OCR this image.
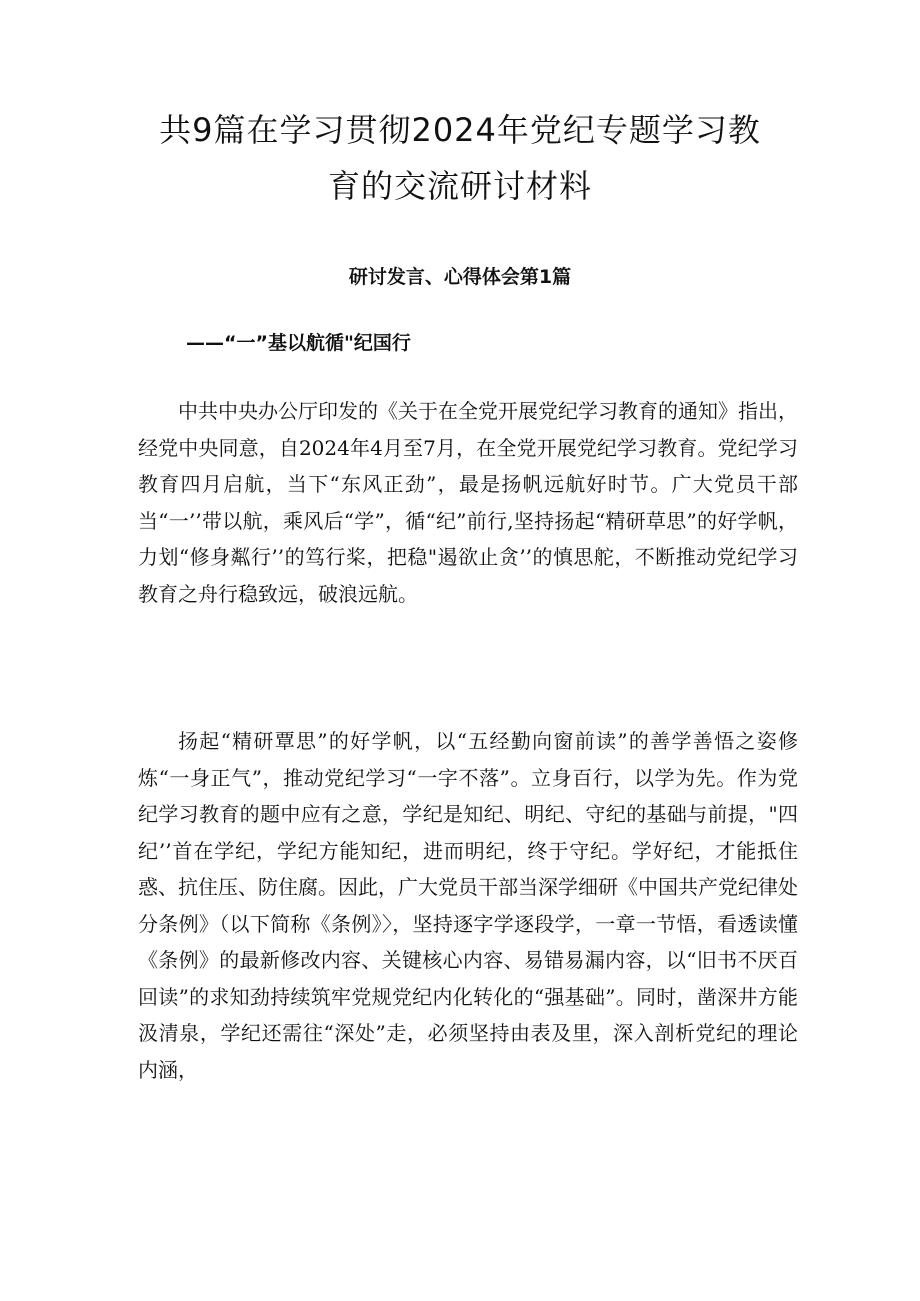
共9篇在学习贯彻2024年党纪专题学习教育的交流研讨材料
研讨发言、心得体会第1篇

——“一”基以航循"纪国行

中共中央办公厅印发的《关于在全党开展党纪学习教育的通知》指出，经党中央同意，自2024年4月至7月，在全党开展党纪学习教育。党纪学习教育四月启航，当下“东风正劲”，最是扬帆远航好时节。广大党员干部当“一’’带以航，乘风后“学”，循“纪”前行,坚持扬起“精研草思”的好学帆，力划“修身粼行’’的笃行桨，把稳"遏欲止贪’’的慎思舵，不断推动党纪学习教育之舟行稳致远，破浪远航。

扬起“精研覃思”的好学帆，以“五经勤向窗前读”的善学善悟之姿修炼“一身正气”，推动党纪学习“一字不落”。立身百行，以学为先。作为党纪学习教育的题中应有之意，学纪是知纪、明纪、守纪的基础与前提，"四纪’’首在学纪，学纪方能知纪，进而明纪，终于守纪。学好纪，才能抵住惑、抗住压、防住腐。因此，广大党员干部当深学细研《中国共产党纪律处分条例》（以下简称《条例》〉，坚持逐字学逐段学，一章一节悟，看透读懂《条例》的最新修改内容、关键核心内容、易错易漏内容，以“旧书不厌百回读”的求知劲持续筑牢党规党纪内化转化的“强基础”。同时，凿深井方能汲清泉，学纪还需往“深处”走，必须坚持由表及里，深入剖析党纪的理论内涵，
